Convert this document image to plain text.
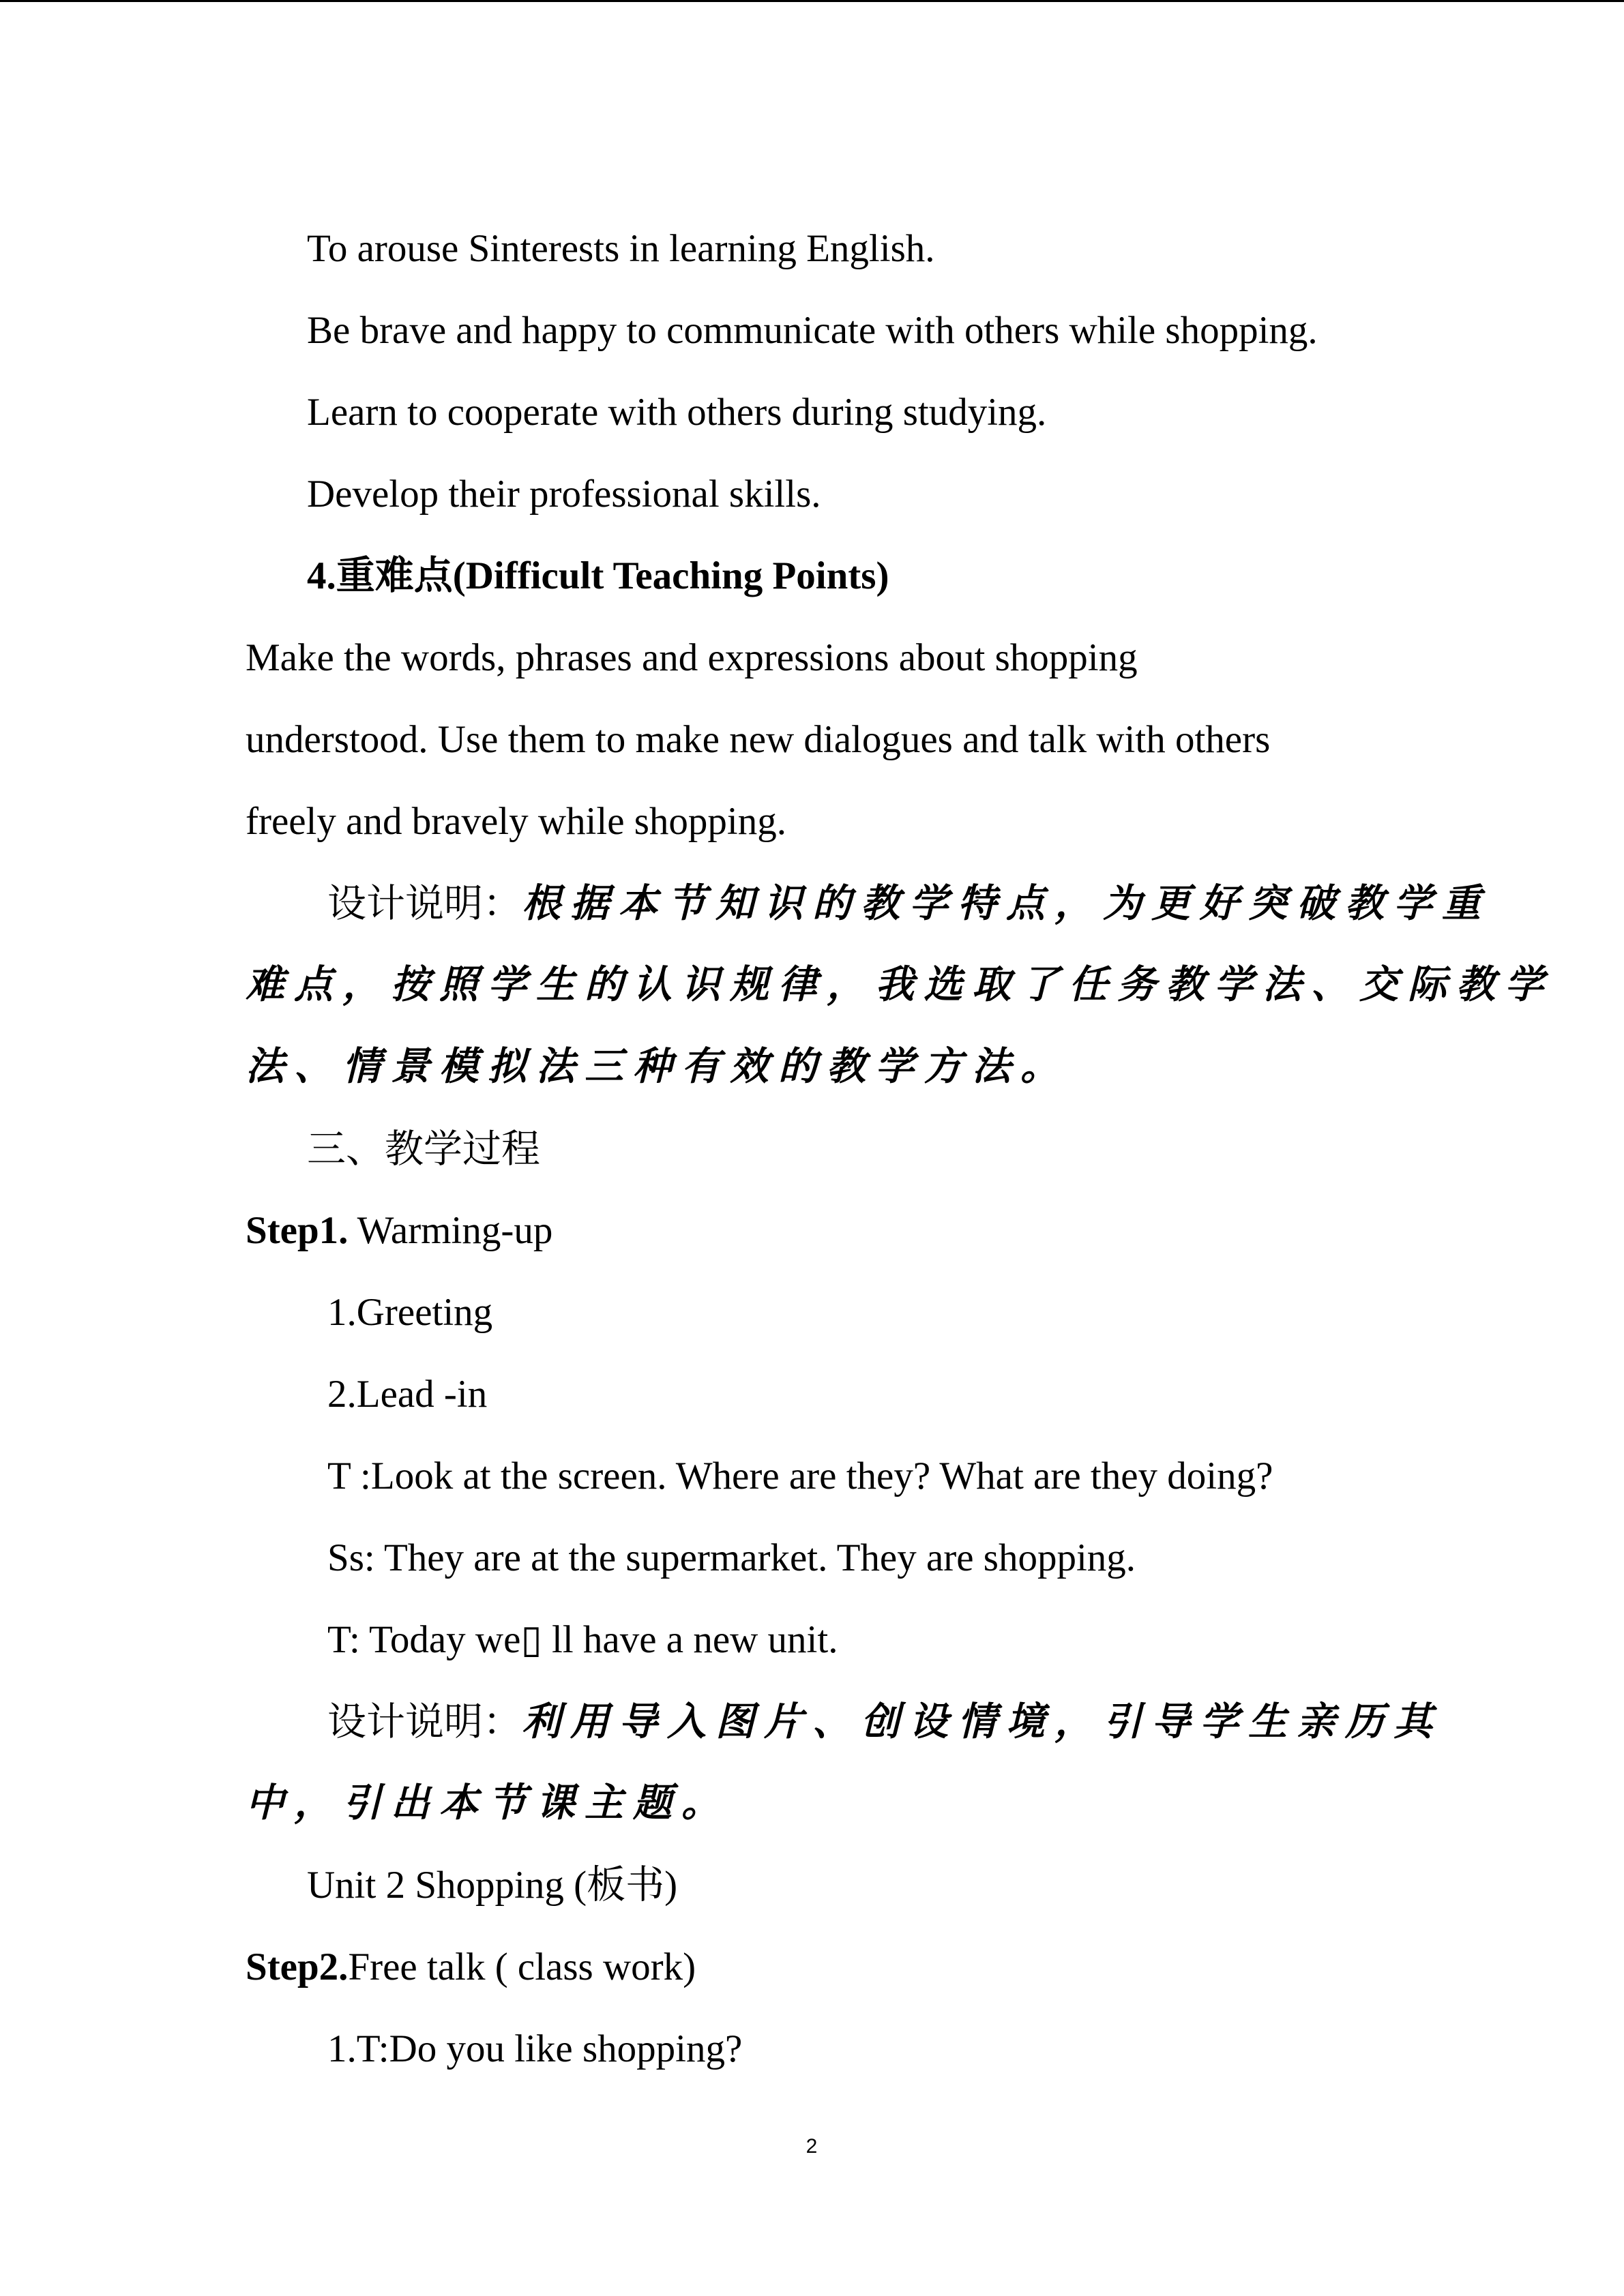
To arouse Sinterests in learning English.
Be brave and happy to communicate with others while shopping.
Learn to cooperate with others during studying.
Develop their professional skills.
4.重难点(Difficult Teaching Points)
Make the words, phrases and expressions about shopping
understood. Use them to make new dialogues and talk with others
freely and bravely while shopping.
设计说明：根据本节知识的教学特点，为更好突破教学重
难点，按照学生的认识规律，我选取了任务教学法、交际教学
法、情景模拟法三种有效的教学方法。
三、教学过程
Step1. Warming-up
1.Greeting
2.Lead -in
T :Look at the screen. Where are they? What are they doing?
Ss: They are at the supermarket. They are shopping.
T: Today we▯ ll have a new unit.
设计说明：利用导入图片、创设情境，引导学生亲历其
中，引出本节课主题。
Unit 2 Shopping (板书)
Step2.Free talk ( class work)
1.T:Do you like shopping?
2
